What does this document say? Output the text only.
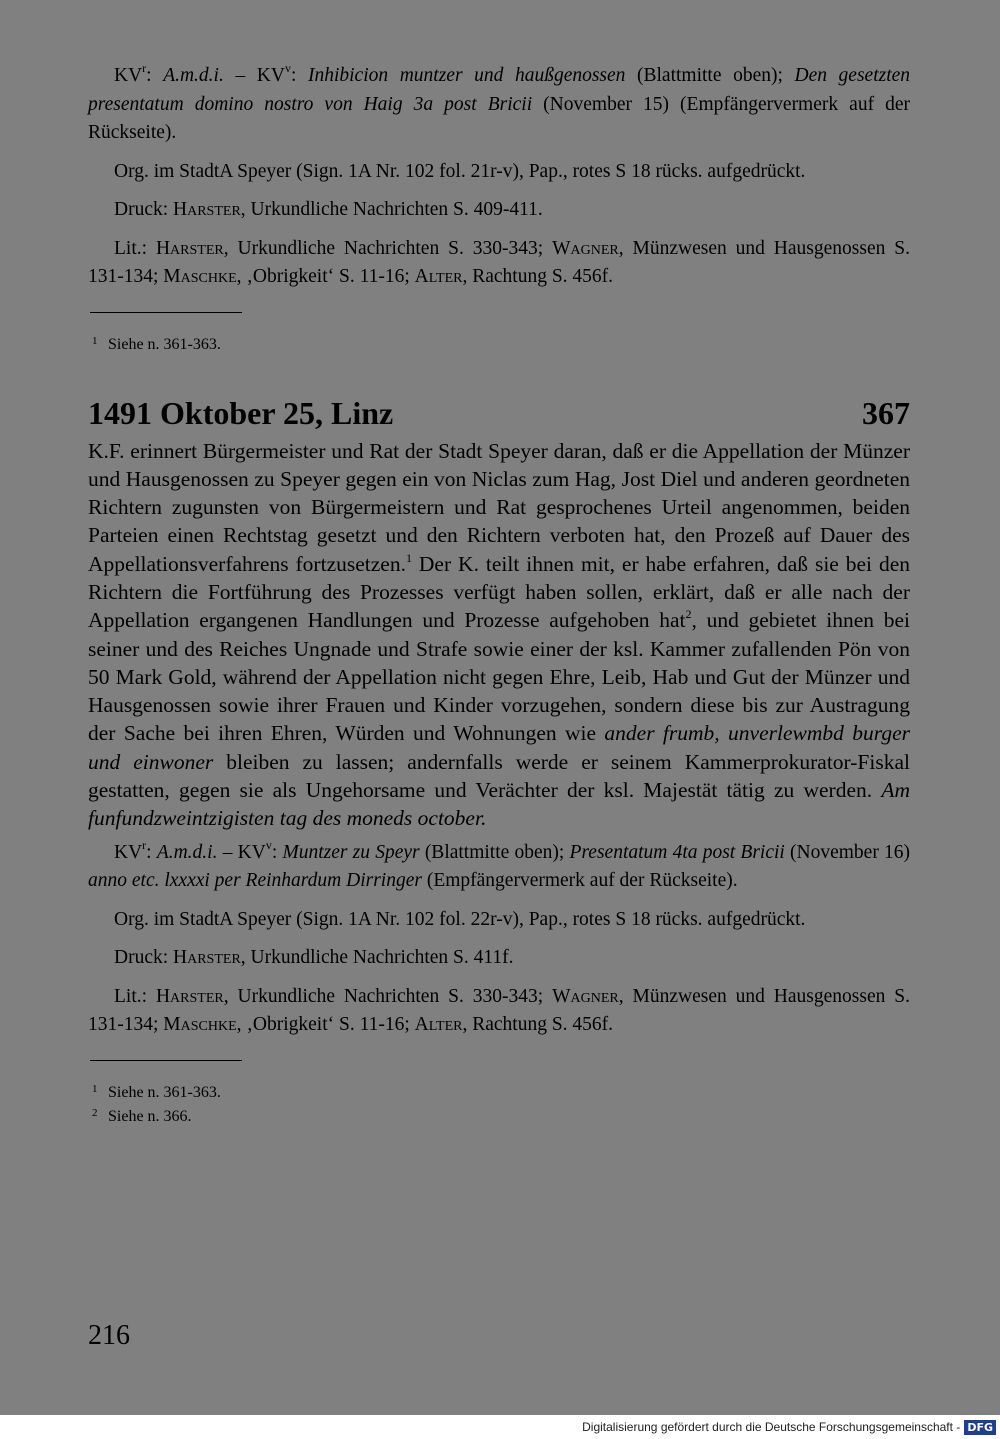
$KV^r$: A.m.d.i. – $KV^v$: Inhibicion muntzer und haußgenossen (Blattmitte oben); Den gesetzten presentatum domino nostro von Haig 3a post Bricii (November 15) (Empfängervermerk auf der Rückseite).

Org. im StadtA Speyer (Sign. 1A Nr. 102 fol. 21r-v), Pap., rotes S 18 rücks. aufgedrückt.

Druck: Harster, Urkundliche Nachrichten S. 409-411.

Lit.: Harster, Urkundliche Nachrichten S. 330-343; Wagner, Münzwesen und Hausgenossen S. 131-134; Maschke, ‚Obrigkeit‘ S. 11-16; Alter, Rachtung S. 456f.

1 Siehe n. 361-363.

1491 Oktober 25, Linz	367

K.F. erinnert Bürgermeister und Rat der Stadt Speyer daran, daß er die Appellation der Münzer und Hausgenossen zu Speyer gegen ein von Niclas zum Hag, Jost Diel und anderen geordneten Richtern zugunsten von Bürgermeistern und Rat gesprochenes Urteil angenommen, beiden Parteien einen Rechtstag gesetzt und den Richtern verboten hat, den Prozeß auf Dauer des Appellationsverfahrens fortzusetzen.$^1$ Der K. teilt ihnen mit, er habe erfahren, daß sie bei den Richtern die Fortführung des Prozesses verfügt haben sollen, erklärt, daß er alle nach der Appellation ergangenen Handlungen und Prozesse aufgehoben hat$^2$, und gebietet ihnen bei seiner und des Reiches Ungnade und Strafe sowie einer der ksl. Kammer zufallenden Pön von 50 Mark Gold, während der Appellation nicht gegen Ehre, Leib, Hab und Gut der Münzer und Hausgenossen sowie ihrer Frauen und Kinder vorzugehen, sondern diese bis zur Austragung der Sache bei ihren Ehren, Würden und Wohnungen wie ander frumb, unverlewmbd burger und einwoner bleiben zu lassen; andernfalls werde er seinem Kammerprokurator-Fiskal gestatten, gegen sie als Ungehorsame und Verächter der ksl. Majestät tätig zu werden. Am funfundzweintzigisten tag des moneds october.

$KV^r$: A.m.d.i. – $KV^v$: Muntzer zu Speyr (Blattmitte oben); Presentatum 4ta post Bricii (November 16) anno etc. lxxxxi per Reinhardum Dirringer (Empfängervermerk auf der Rückseite).

Org. im StadtA Speyer (Sign. 1A Nr. 102 fol. 22r-v), Pap., rotes S 18 rücks. aufgedrückt.

Druck: Harster, Urkundliche Nachrichten S. 411f.

Lit.: Harster, Urkundliche Nachrichten S. 330-343; Wagner, Münzwesen und Hausgenossen S. 131-134; Maschke, ‚Obrigkeit‘ S. 11-16; Alter, Rachtung S. 456f.

1 Siehe n. 361-363.

2 Siehe n. 366.

216
Digitalisierung gefördert durch die Deutsche Forschungsgemeinschaft - DFG
